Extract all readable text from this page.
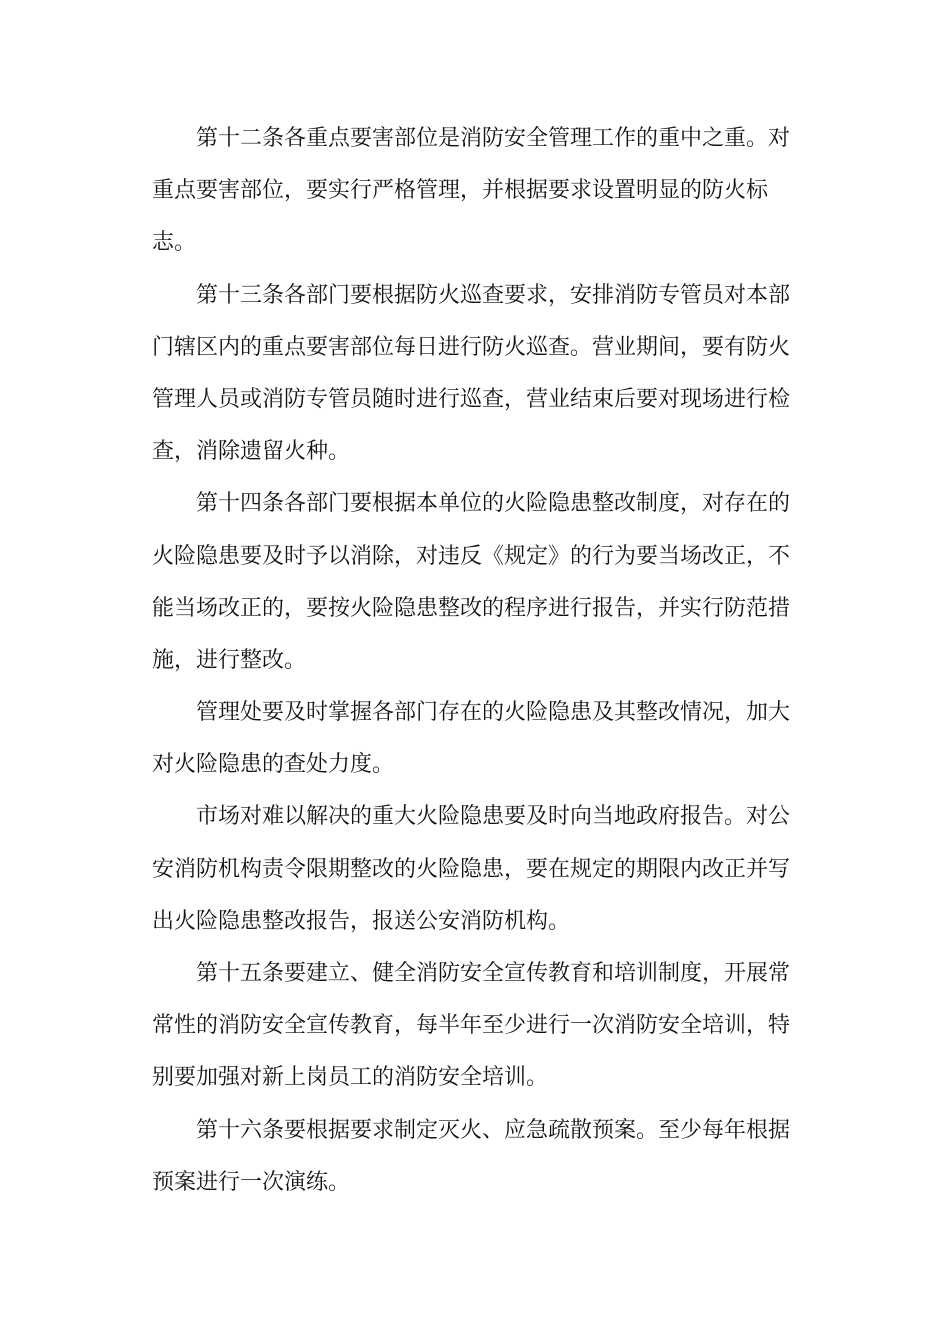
第十二条各重点要害部位是消防安全管理工作的重中之重。对
重点要害部位，要实行严格管理，并根据要求设置明显的防火标
志。

第十三条各部门要根据防火巡查要求，安排消防专管员对本部
门辖区内的重点要害部位每日进行防火巡查。营业期间，要有防火
管理人员或消防专管员随时进行巡查，营业结束后要对现场进行检
查，消除遗留火种。

第十四条各部门要根据本单位的火险隐患整改制度，对存在的
火险隐患要及时予以消除，对违反《规定》的行为要当场改正，不
能当场改正的，要按火险隐患整改的程序进行报告，并实行防范措
施，进行整改。

管理处要及时掌握各部门存在的火险隐患及其整改情况，加大
对火险隐患的查处力度。

市场对难以解决的重大火险隐患要及时向当地政府报告。对公
安消防机构责令限期整改的火险隐患，要在规定的期限内改正并写
出火险隐患整改报告，报送公安消防机构。

第十五条要建立、健全消防安全宣传教育和培训制度，开展常
常性的消防安全宣传教育，每半年至少进行一次消防安全培训，特
别要加强对新上岗员工的消防安全培训。

第十六条要根据要求制定灭火、应急疏散预案。至少每年根据
预案进行一次演练。
